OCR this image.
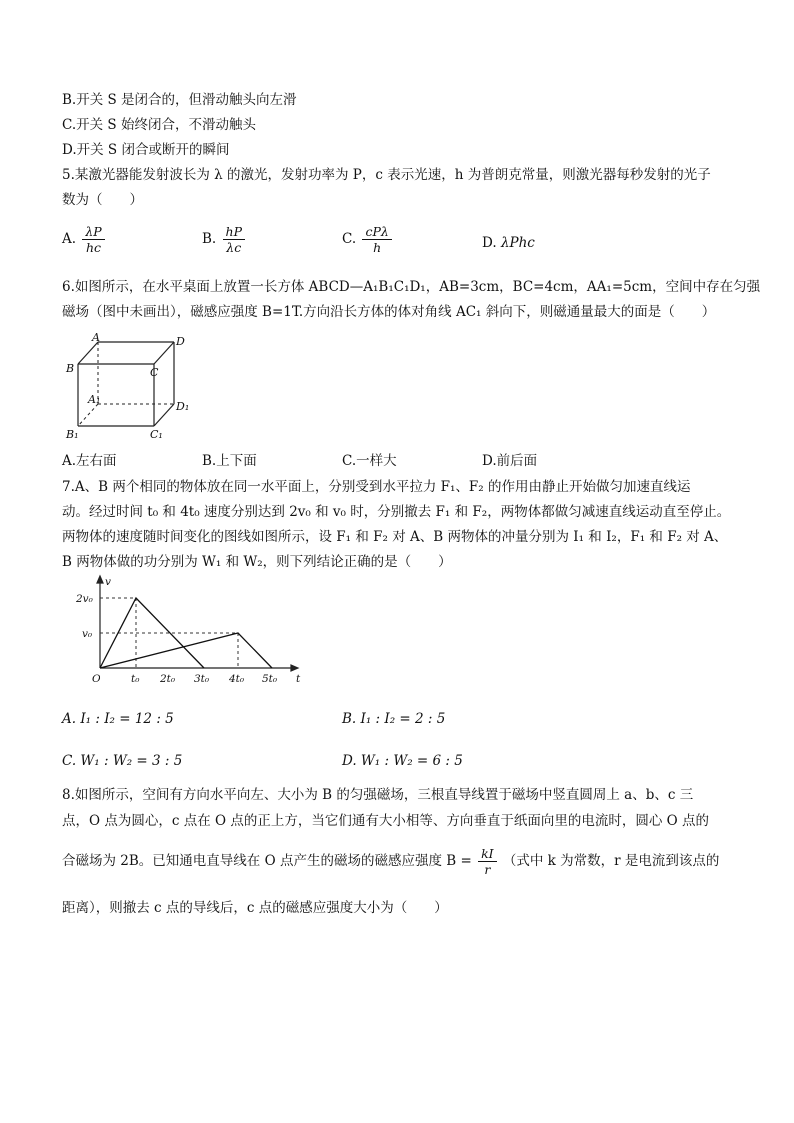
B.开关 S 是闭合的，但滑动触头向左滑
C.开关 S 始终闭合，不滑动触头
D.开关 S 闭合或断开的瞬间
5.某激光器能发射波长为 λ 的激光，发射功率为 P，c 表示光速，h 为普朗克常量，则激光器每秒发射的光子
数为（　　）
A. $\frac{\lambda P}{hc}$	B. $\frac{hP}{\lambda c}$	C. $\frac{\text{cPλ}}{h}$	D. λPhc
6.如图所示，在水平桌面上放置一长方体 ABCD—A₁B₁C₁D₁，AB=3cm，BC=4cm，AA₁=5cm，空间中存在匀强
磁场（图中未画出），磁感应强度 B=1T.方向沿长方体的体对角线 AC₁ 斜向下，则磁通量最大的面是（　　）
A	D
B	C
A₁
D₁
B₁	C₁
A.左右面	B.上下面	C.一样大	D.前后面
7.A、B 两个相同的物体放在同一水平面上，分别受到水平拉力 F₁、F₂ 的作用由静止开始做匀加速直线运
动。经过时间 t₀ 和 4t₀ 速度分别达到 2v₀ 和 v₀ 时，分别撤去 F₁ 和 F₂，两物体都做匀减速直线运动直至停止。
两物体的速度随时间变化的图线如图所示，设 F₁ 和 F₂ 对 A、B 两物体的冲量分别为 I₁ 和 I₂，F₁ 和 F₂ 对 A、
B 两物体做的功分别为 W₁ 和 W₂，则下列结论正确的是（　　）
v
t
O
2v₀
v₀
t₀ 2t₀ 3t₀ 4t₀ 5t₀
A. I₁ : I₂ = 12 : 5	B. I₁ : I₂ = 2 : 5
C. W₁ : W₂ = 3 : 5	D. W₁ : W₂ = 6 : 5
8.如图所示，空间有方向水平向左、大小为 B 的匀强磁场，三根直导线置于磁场中竖直圆周上 a、b、c 三
点，O 点为圆心，c 点在 O 点的正上方，当它们通有大小相等、方向垂直于纸面向里的电流时，圆心 O 点的
合磁场为 2B。已知通电直导线在 O 点产生的磁场的磁感应强度 $B = \frac{kI}{r}$ （式中 k 为常数，r 是电流到该点的
距离），则撤去 c 点的导线后，c 点的磁感应强度大小为（　　）
